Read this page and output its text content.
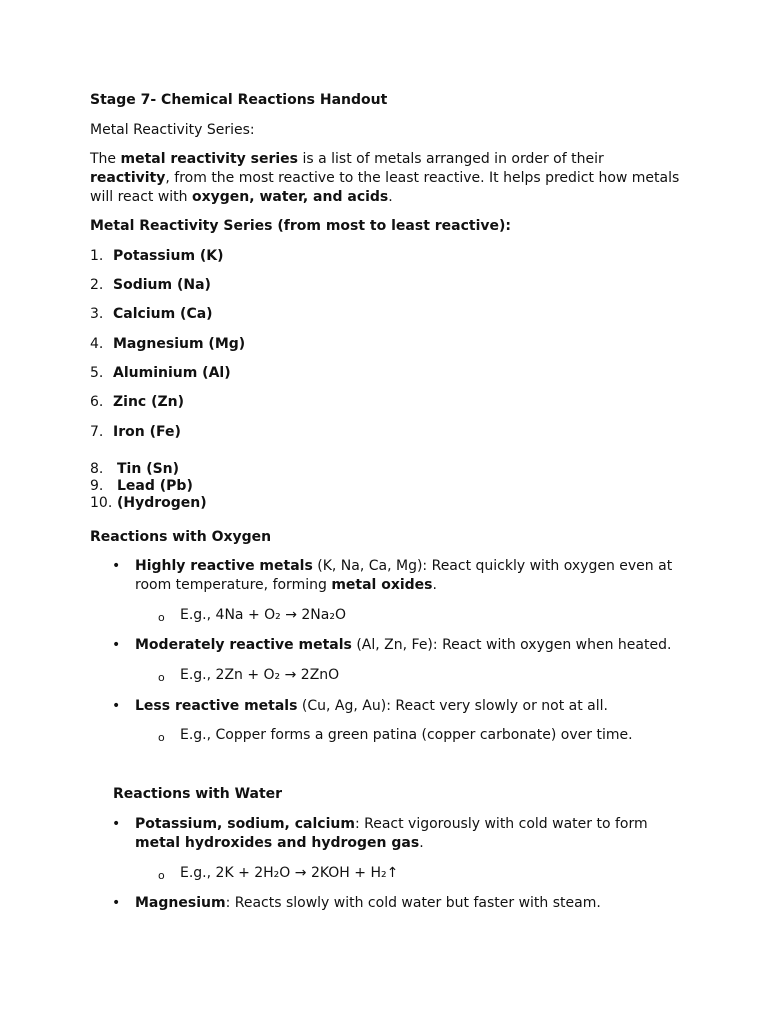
Stage 7- Chemical Reactions Handout
Metal Reactivity Series:
The metal reactivity series is a list of metals arranged in order of their
reactivity, from the most reactive to the least reactive. It helps predict how metals
will react with oxygen, water, and acids.
Metal Reactivity Series (from most to least reactive):
1. Potassium (K)
2. Sodium (Na)
3. Calcium (Ca)
4. Magnesium (Mg)
5. Aluminium (Al)
6. Zinc (Zn)
7. Iron (Fe)
8. Tin (Sn)
9. Lead (Pb)
10. (Hydrogen)
Reactions with Oxygen
• Highly reactive metals (K, Na, Ca, Mg): React quickly with oxygen even at
room temperature, forming metal oxides.
o E.g., 4Na + O₂ → 2Na₂O
• Moderately reactive metals (Al, Zn, Fe): React with oxygen when heated.
o E.g., 2Zn + O₂ → 2ZnO
• Less reactive metals (Cu, Ag, Au): React very slowly or not at all.
o E.g., Copper forms a green patina (copper carbonate) over time.
Reactions with Water
• Potassium, sodium, calcium: React vigorously with cold water to form
metal hydroxides and hydrogen gas.
o E.g., 2K + 2H₂O → 2KOH + H₂↑
• Magnesium: Reacts slowly with cold water but faster with steam.
